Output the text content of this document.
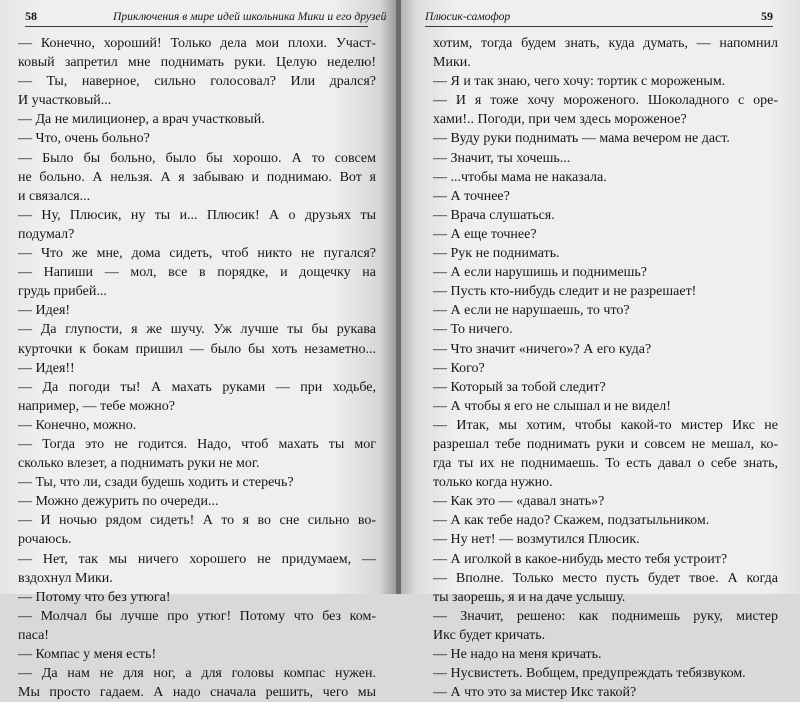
58	Приключения в мире идей школьника Мики и его друзей
— Конечно, хороший! Только дела мои плохи. Участ-
ковый запретил мне поднимать руки. Целую неделю!
— Ты, наверное, сильно голосовал? Или дрался?
И участковый...
— Да не милиционер, а врач участковый.
— Что, очень больно?
— Было бы больно, было бы хорошо. А то совсем
не больно. А нельзя. А я забываю и поднимаю. Вот я
и связался...
— Ну, Плюсик, ну ты и... Плюсик! А о друзьях ты
подумал?
— Что же мне, дома сидеть, чтоб никто не пугался?
— Напиши — мол, все в порядке, и дощечку на
грудь прибей...
— Идея!
— Да глупости, я же шучу. Уж лучше ты бы рукава
курточки к бокам пришил — было бы хоть незаметно...
— Идея!!
— Да погоди ты! А махать руками — при ходьбе,
например, — тебе можно?
— Конечно, можно.
— Тогда это не годится. Надо, чтоб махать ты мог
сколько влезет, а поднимать руки не мог.
— Ты, что ли, сзади будешь ходить и стеречь?
— Можно дежурить по очереди...
— И ночью рядом сидеть! А то я во сне сильно во-
рочаюсь.
— Нет, так мы ничего хорошего не придумаем, —
вздохнул Мики.
— Потому что без утюга!
— Молчал бы лучше про утюг! Потому что без ком-
паса!
— Компас у меня есть!
— Да нам не для ног, а для головы компас нужен.
Мы просто гадаем. А надо сначала решить, чего мы
Плюсик-самофор	59
хотим, тогда будем знать, куда думать, — напомнил
Мики.
— Я и так знаю, чего хочу: тортик с мороженым.
— И я тоже хочу мороженого. Шоколадного с оре-
хами!.. Погоди, при чем здесь мороженое?
— Вуду руки поднимать — мама вечером не даст.
— Значит, ты хочешь...
— ...чтобы мама не наказала.
— А точнее?
— Врача слушаться.
— А еще точнее?
— Рук не поднимать.
— А если нарушишь и поднимешь?
— Пусть кто-нибудь следит и не разрешает!
— А если не нарушаешь, то что?
— То ничего.
— Что значит «ничего»? А его куда?
— Кого?
— Который за тобой следит?
— А чтобы я его не слышал и не видел!
— Итак, мы хотим, чтобы какой-то мистер Икс не
разрешал тебе поднимать руки и совсем не мешал, ко-
гда ты их не поднимаешь. То есть давал о себе знать,
только когда нужно.
— Как это — «давал знать»?
— А как тебе надо? Скажем, подзатыльником.
— Ну нет! — возмутился Плюсик.
— А иголкой в какое-нибудь место тебя устроит?
— Вполне. Только место пусть будет твое. А когда
ты заорешь, я и на даче услышу.
— Значит, решено: как поднимешь руку, мистер
Икс будет кричать.
— Не надо на меня кричать.
— Нусвистеть. Вобщем, предупреждать тебязвуком.
— А что это за мистер Икс такой?
